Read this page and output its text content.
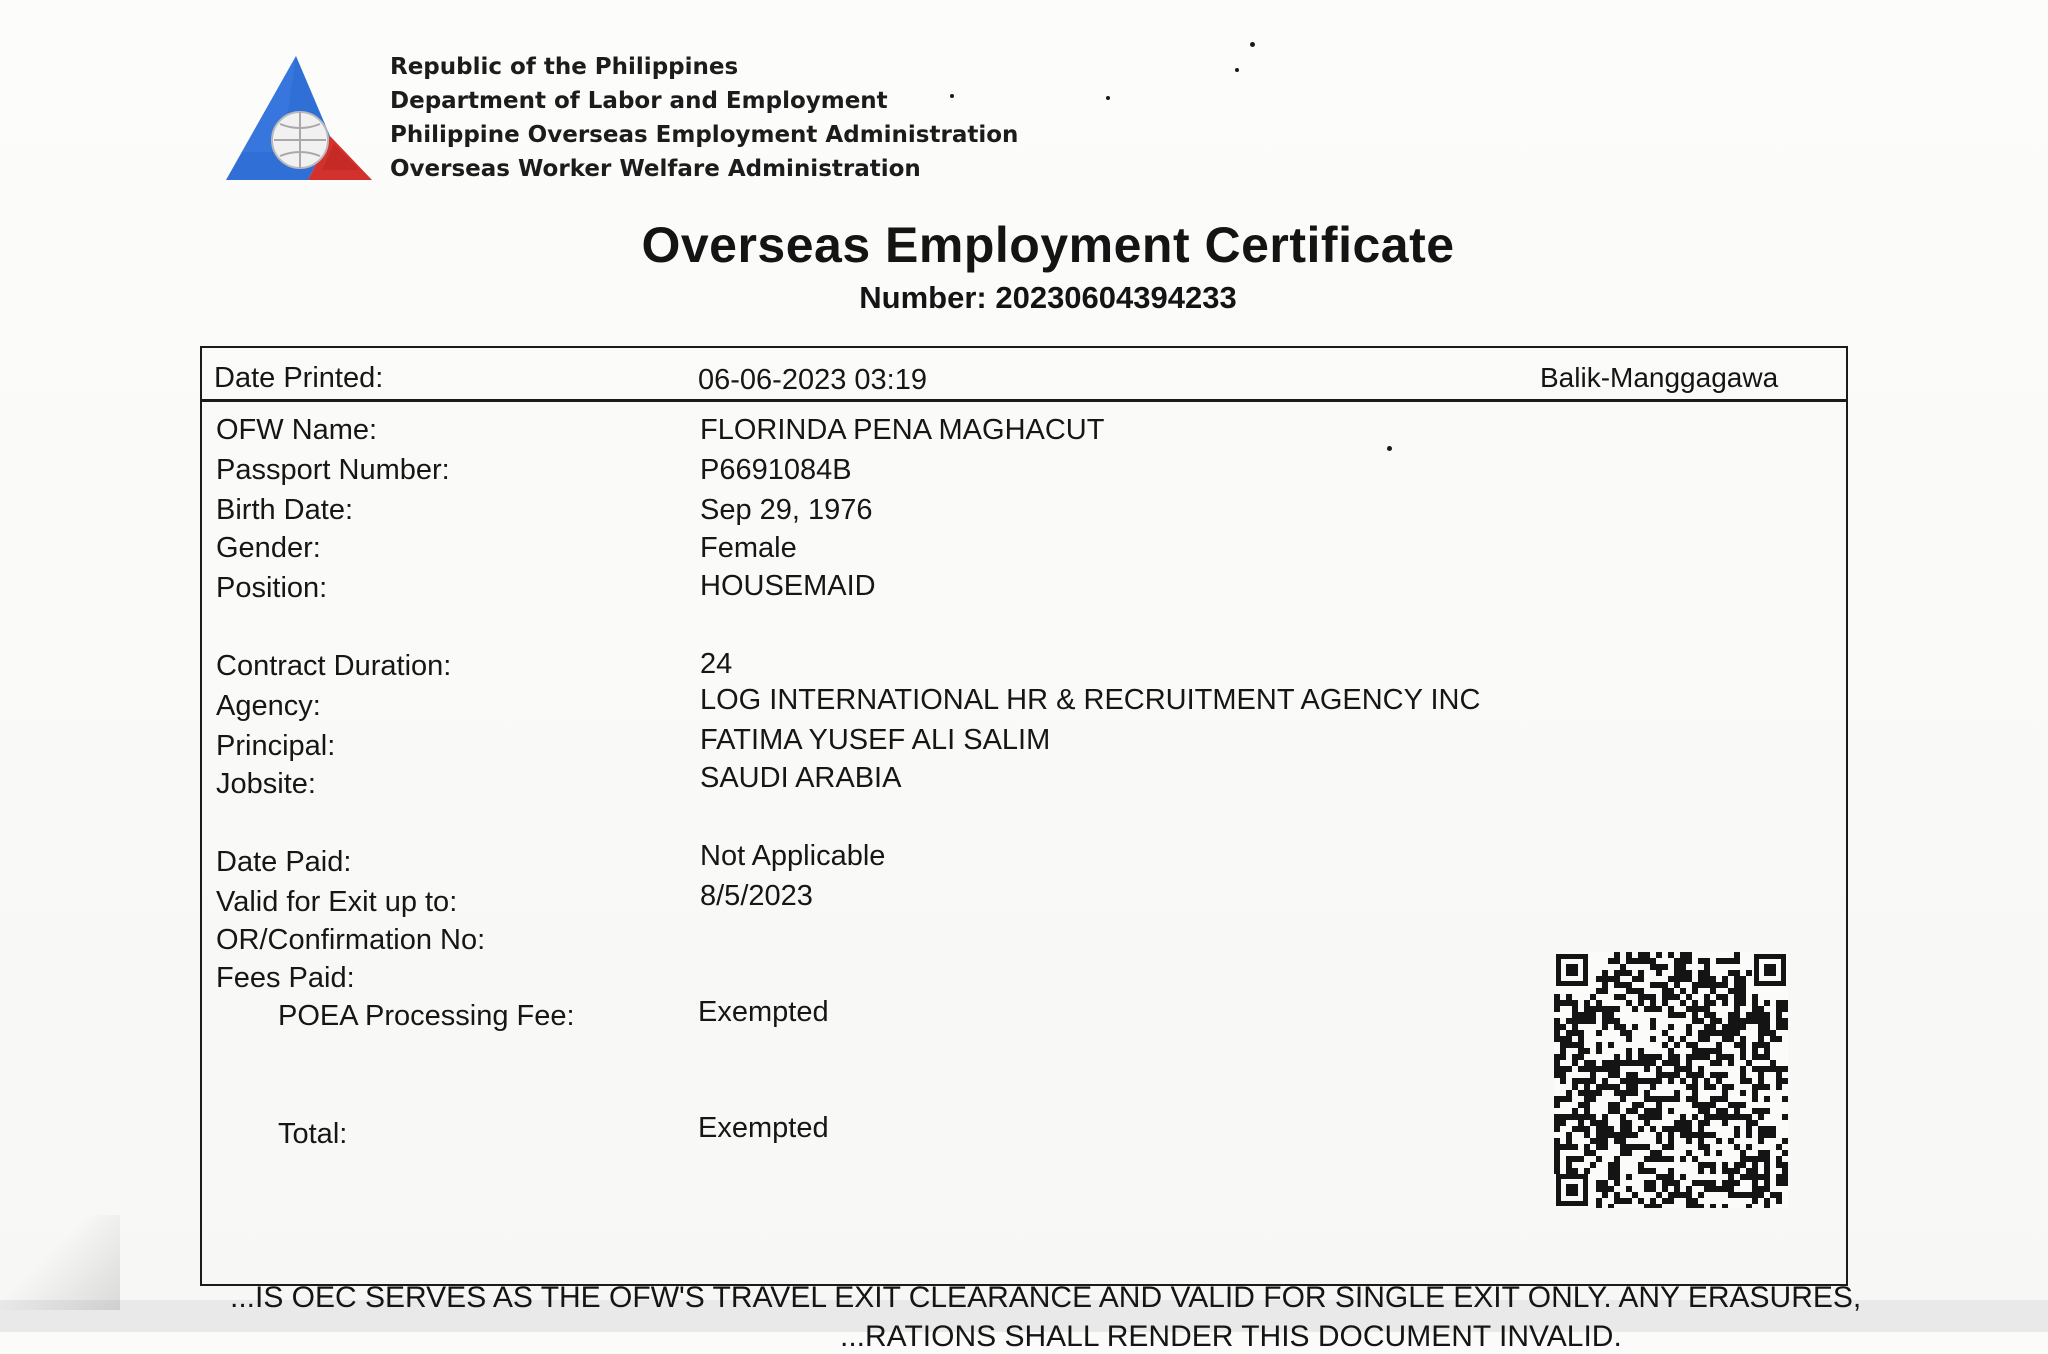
Republic of the Philippines
Department of Labor and Employment
Philippine Overseas Employment Administration
Overseas Worker Welfare Administration
Overseas Employment Certificate
Number: 20230604394233
Date Printed:	06-06-2023 03:19	Balik-Manggagawa
OFW Name:	FLORINDA PENA MAGHACUT
Passport Number:	P6691084B
Birth Date:	Sep 29, 1976
Gender:	Female
Position:	HOUSEMAID
Contract Duration:	24
Agency:	LOG INTERNATIONAL HR & RECRUITMENT AGENCY INC
Principal:	FATIMA YUSEF ALI SALIM
Jobsite:	SAUDI ARABIA
Date Paid:	Not Applicable
Valid for Exit up to:	8/5/2023
OR/Confirmation No:
Fees Paid:
POEA Processing Fee:	Exempted
Total:	Exempted
...IS OEC SERVES AS THE OFW'S TRAVEL EXIT CLEARANCE AND VALID FOR SINGLE EXIT ONLY. ANY ERASURES,
...RATIONS SHALL RENDER THIS DOCUMENT INVALID.
